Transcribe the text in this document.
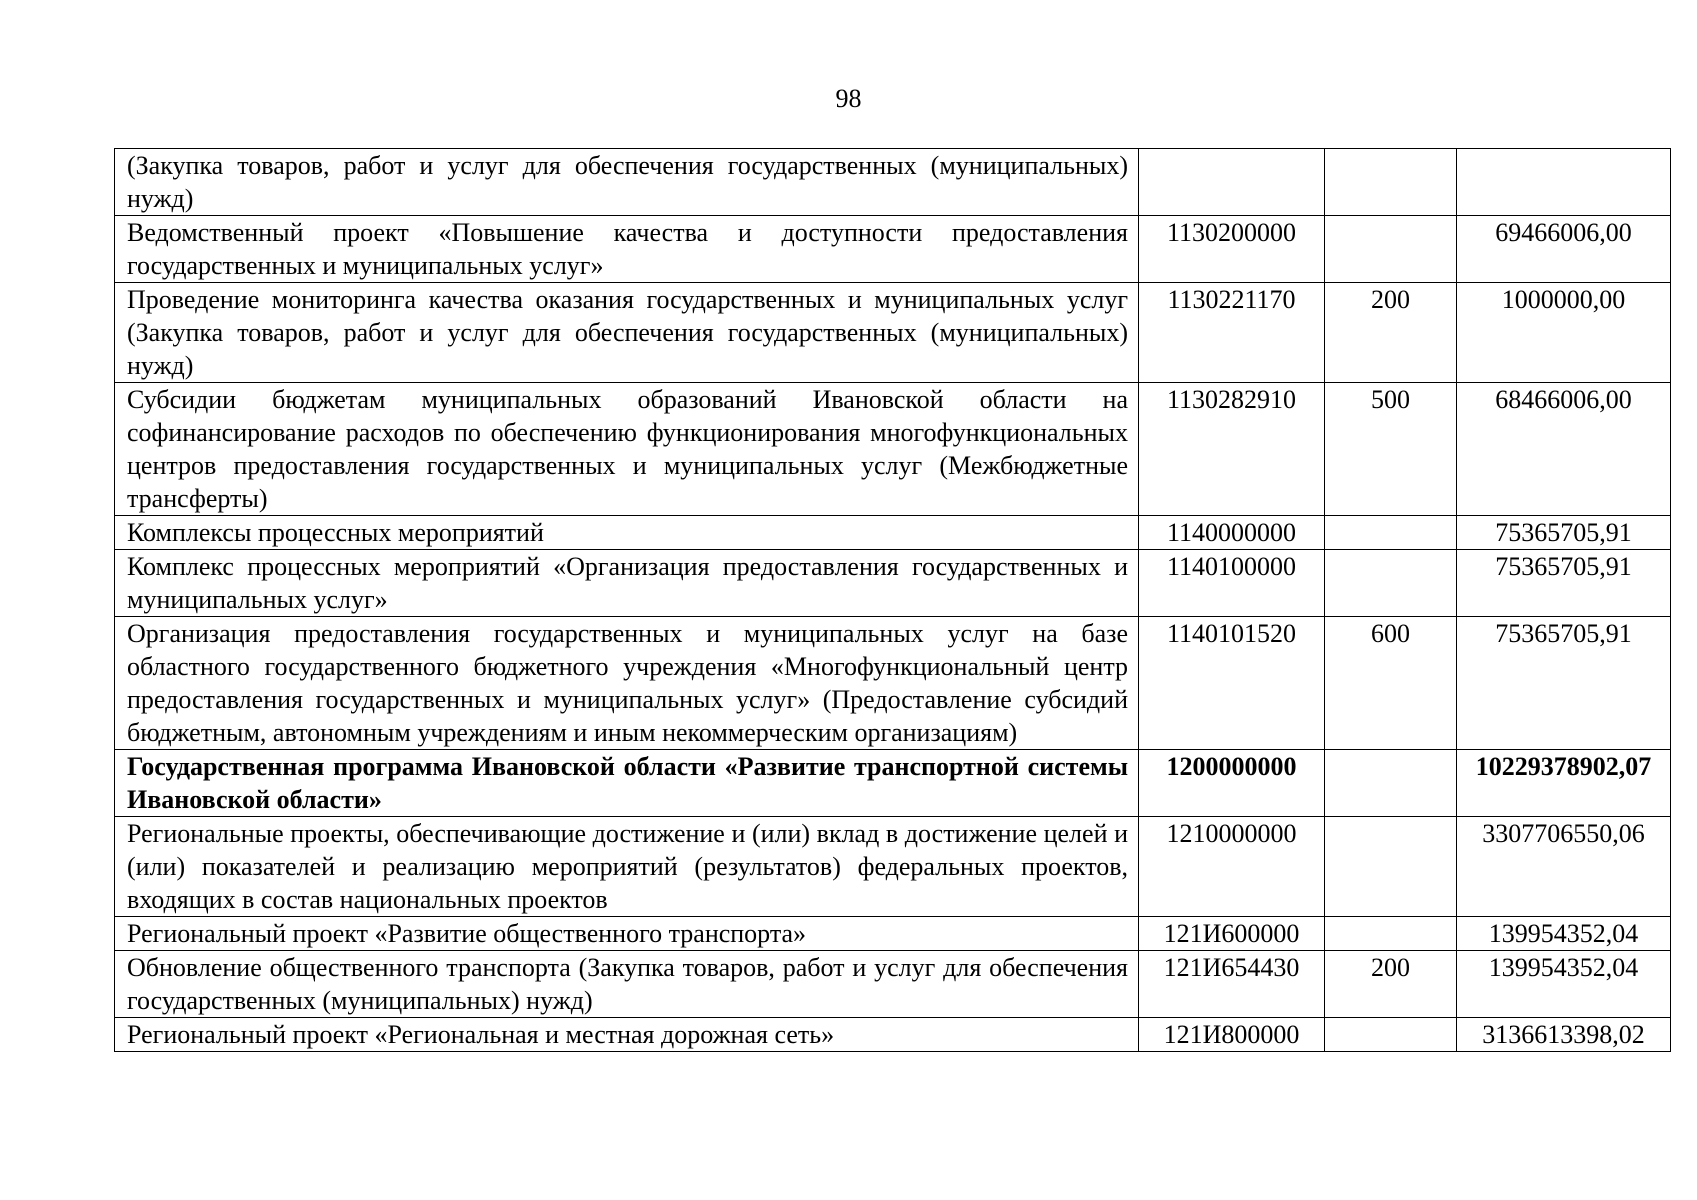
98
(Закупка товаров, работ и услуг для обеспечения государственных (муниципальных) нужд)			
Ведомственный проект «Повышение качества и доступности предоставления государственных и муниципальных услуг»	1130200000		69466006,00
Проведение мониторинга качества оказания государственных и муниципальных услуг (Закупка товаров, работ и услуг для обеспечения государственных (муниципальных) нужд)	1130221170	200	1000000,00
Субсидии бюджетам муниципальных образований Ивановской области на софинансирование расходов по обеспечению функционирования многофункциональных центров предоставления государственных и муниципальных услуг (Межбюджетные трансферты)	1130282910	500	68466006,00
Комплексы процессных мероприятий	1140000000		75365705,91
Комплекс процессных мероприятий «Организация предоставления государственных и муниципальных услуг»	1140100000		75365705,91
Организация предоставления государственных и муниципальных услуг на базе областного государственного бюджетного учреждения «Многофункциональный центр предоставления государственных и муниципальных услуг» (Предоставление субсидий бюджетным, автономным учреждениям и иным некоммерческим организациям)	1140101520	600	75365705,91
Государственная программа Ивановской области «Развитие транспортной системы Ивановской области»	1200000000		10229378902,07
Региональные проекты, обеспечивающие достижение и (или) вклад в достижение целей и (или) показателей и реализацию мероприятий (результатов) федеральных проектов, входящих в состав национальных проектов	1210000000		3307706550,06
Региональный проект «Развитие общественного транспорта»	121И600000		139954352,04
Обновление общественного транспорта (Закупка товаров, работ и услуг для обеспечения государственных (муниципальных) нужд)	121И654430	200	139954352,04
Региональный проект «Региональная и местная дорожная сеть»	121И800000		3136613398,02
